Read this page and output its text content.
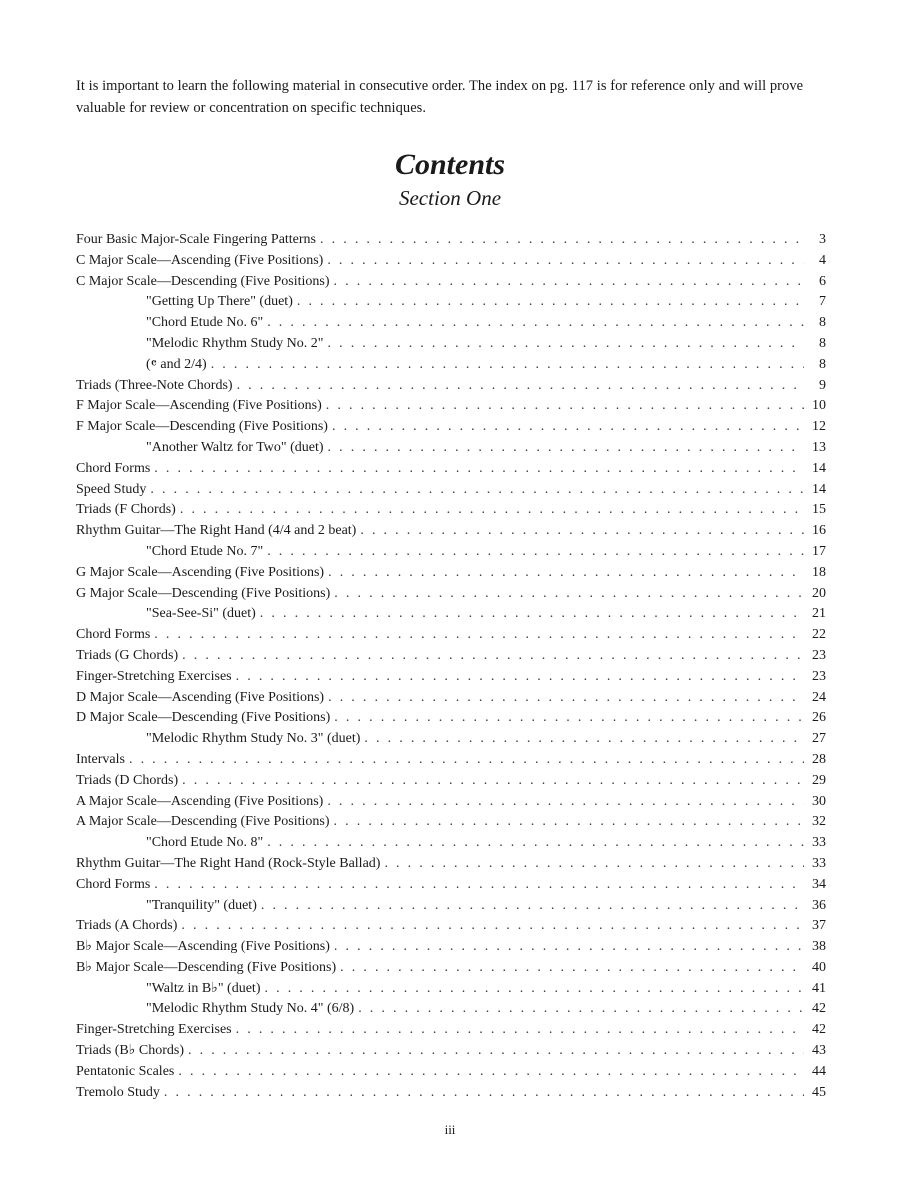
It is important to learn the following material in consecutive order. The index on pg. 117 is for reference only and will prove valuable for review or concentration on specific techniques.

Contents
Section One
Four Basic Major-Scale Fingering Patterns . . .	3
C Major Scale—Ascending (Five Positions) . . .	4
C Major Scale—Descending (Five Positions) . . .	6
"Getting Up There" (duet) . . .	7
"Chord Etude No. 6" . . .	8
"Melodic Rhythm Study No. 2" . . .	8
(𝄴 and 2/4) . . .	8
Triads (Three-Note Chords) . . .	9
F Major Scale—Ascending (Five Positions) . . .	10
F Major Scale—Descending (Five Positions) . . .	12
"Another Waltz for Two" (duet) . . .	13
Chord Forms . . .	14
Speed Study . . .	14
Triads (F Chords) . . .	15
Rhythm Guitar—The Right Hand (4/4 and 2 beat) . . .	16
"Chord Etude No. 7" . . .	17
G Major Scale—Ascending (Five Positions) . . .	18
G Major Scale—Descending (Five Positions) . . .	20
"Sea-See-Si" (duet) . . .	21
Chord Forms . . .	22
Triads (G Chords) . . .	23
Finger-Stretching Exercises . . .	23
D Major Scale—Ascending (Five Positions) . . .	24
D Major Scale—Descending (Five Positions) . . .	26
"Melodic Rhythm Study No. 3" (duet) . . .	27
Intervals . . .	28
Triads (D Chords) . . .	29
A Major Scale—Ascending (Five Positions) . . .	30
A Major Scale—Descending (Five Positions) . . .	32
"Chord Etude No. 8" . . .	33
Rhythm Guitar—The Right Hand (Rock-Style Ballad) . . .	33
Chord Forms . . .	34
"Tranquility" (duet) . . .	36
Triads (A Chords) . . .	37
B♭ Major Scale—Ascending (Five Positions) . . .	38
B♭ Major Scale—Descending (Five Positions) . . .	40
"Waltz in B♭" (duet) . . .	41
"Melodic Rhythm Study No. 4" (6/8) . . .	42
Finger-Stretching Exercises . . .	42
Triads (B♭ Chords) . . .	43
Pentatonic Scales . . .	44
Tremolo Study . . .	45
iii
